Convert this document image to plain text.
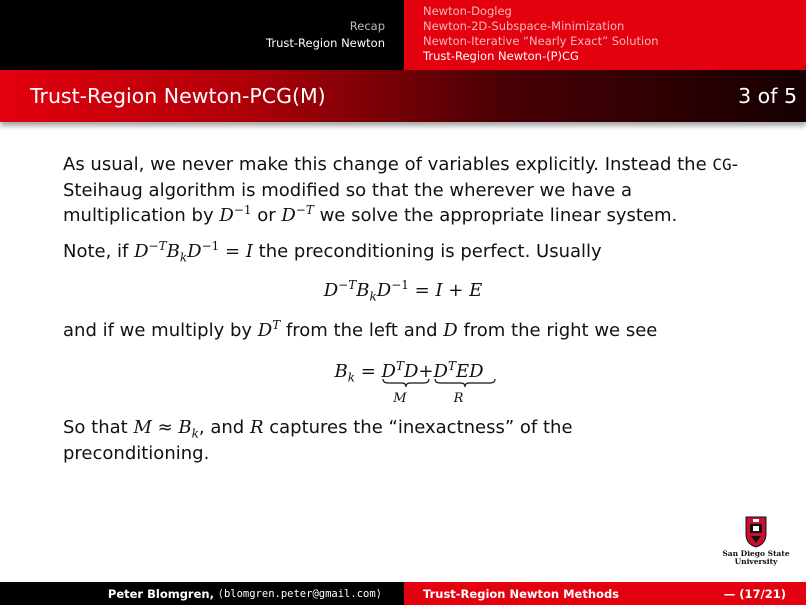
Recap
Trust-Region Newton
Newton-Dogleg
Newton-2D-Subspace-Minimization
Newton-Iterative “Nearly Exact” Solution
Trust-Region Newton-(P)CG
Trust-Region Newton-PCG(M)	3 of 5

As usual, we never make this change of variables explicitly. Instead the CG-Steihaug algorithm is modified so that the wherever we have a multiplication by $D^{-1}$ or $D^{-T}$ we solve the appropriate linear system.

Note, if $D^{-T}B_kD^{-1} = I$ the preconditioning is perfect. Usually

$D^{-T}B_kD^{-1} = I + E$

and if we multiply by $D^T$ from the left and D from the right we see

$B_k = D^TD$
M
$+D^TED$
R

So that $M \approx B_k$, and R captures the “inexactness” of the preconditioning.

San Diego State
University
Peter Blomgren,
⟨blomgren.peter@gmail.com⟩	Trust-Region Newton Methods	— (17/21)
